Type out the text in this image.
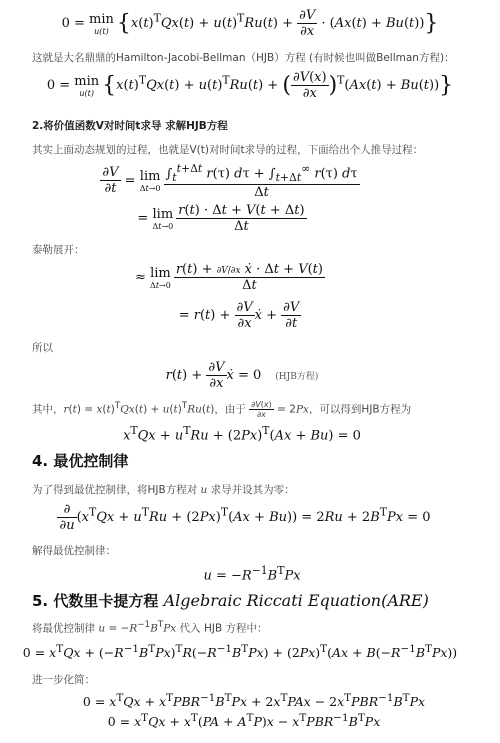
0 = min
u(t) $\{x(t)^TQx(t) + u(t)^TRu(t) + \frac{\partial V}{\partial x} \cdot (Ax(t) + Bu(t))\}$
这就是大名鼎鼎的Hamilton-Jacobi-Bellman（HJB）方程 (有时候也叫做Bellman方程)：
0 = min
u(t) {$x(t)^TQx(t) + u(t)^TRu(t)$ + ( $\frac{\partial V(x)}{\partial x} )^T(Ax(t) + Bu(t))$}
2.将价值函数V对时间t求导 求解HJB方程
其实上面动态规划的过程，也就是V(t)对时间t求导的过程，下面给出个人推导过程：
$\frac{\partial V}{\partial t} = \lim$
$\Delta t\to 0 \frac{\int_t^{t+\Delta t} r(\tau) d\tau + \int_{t+\Delta t}^\infty r(\tau) d\tau}{\Delta t}$
= lim
$\Delta t\to 0 \frac{r(t) \cdot \Delta t + V(t + \Delta t)}{\Delta t}$
泰勒展开：
≈ lim
$\Delta t\to 0 \frac{\text{r(t) + ∂V/∂x ẋ · Δt + V(t)}}{\Delta t}$
= $r(t) + \frac{\partial V}{\partial x}$ ẋ + $\frac{\partial V}{\partial t}$
所以
$r(t) + \frac{\partial V}{\partial x}$ ẋ = 0 (HJB方程)
其中，$r(t) = x(t)^TQx(t) + u(t)^TRu(t)$，由于 $\frac{\partial V(x)}{\partial x} = 2Px$，可以得到HJB方程为
$x^TQx + u^TRu + (2Px)^T(Ax + Bu) = 0$
4. 最优控制律
为了得到最优控制律，将HJB方程对 u 求导并设其为零：
$\frac{\partial}{\partial u} (x^TQx + u^TRu + (2Px)^T(Ax + Bu)) = 2Ru + 2B^TPx = 0$
解得最优控制律：
$u = -R^{-1}B^TPx$
5. 代数里卡提方程 Algebraic Riccati Equation(ARE)
将最优控制律 $u = -R^{-1}B^TPx$ 代入 HJB 方程中：
$0 = x^TQx + (-R^{-1}B^TPx)^TR(-R^{-1}B^TPx) + (2Px)^T(Ax + B(-R^{-1}B^TPx))$
进一步化简：
$0 = x^TQx + x^TPBR^{-1}B^TPx + 2x^TPAx - 2x^TPBR^{-1}B^TPx$
$0 = x^TQx + x^T(PA + A^TP)x - x^TPBR^{-1}B^TPx$
